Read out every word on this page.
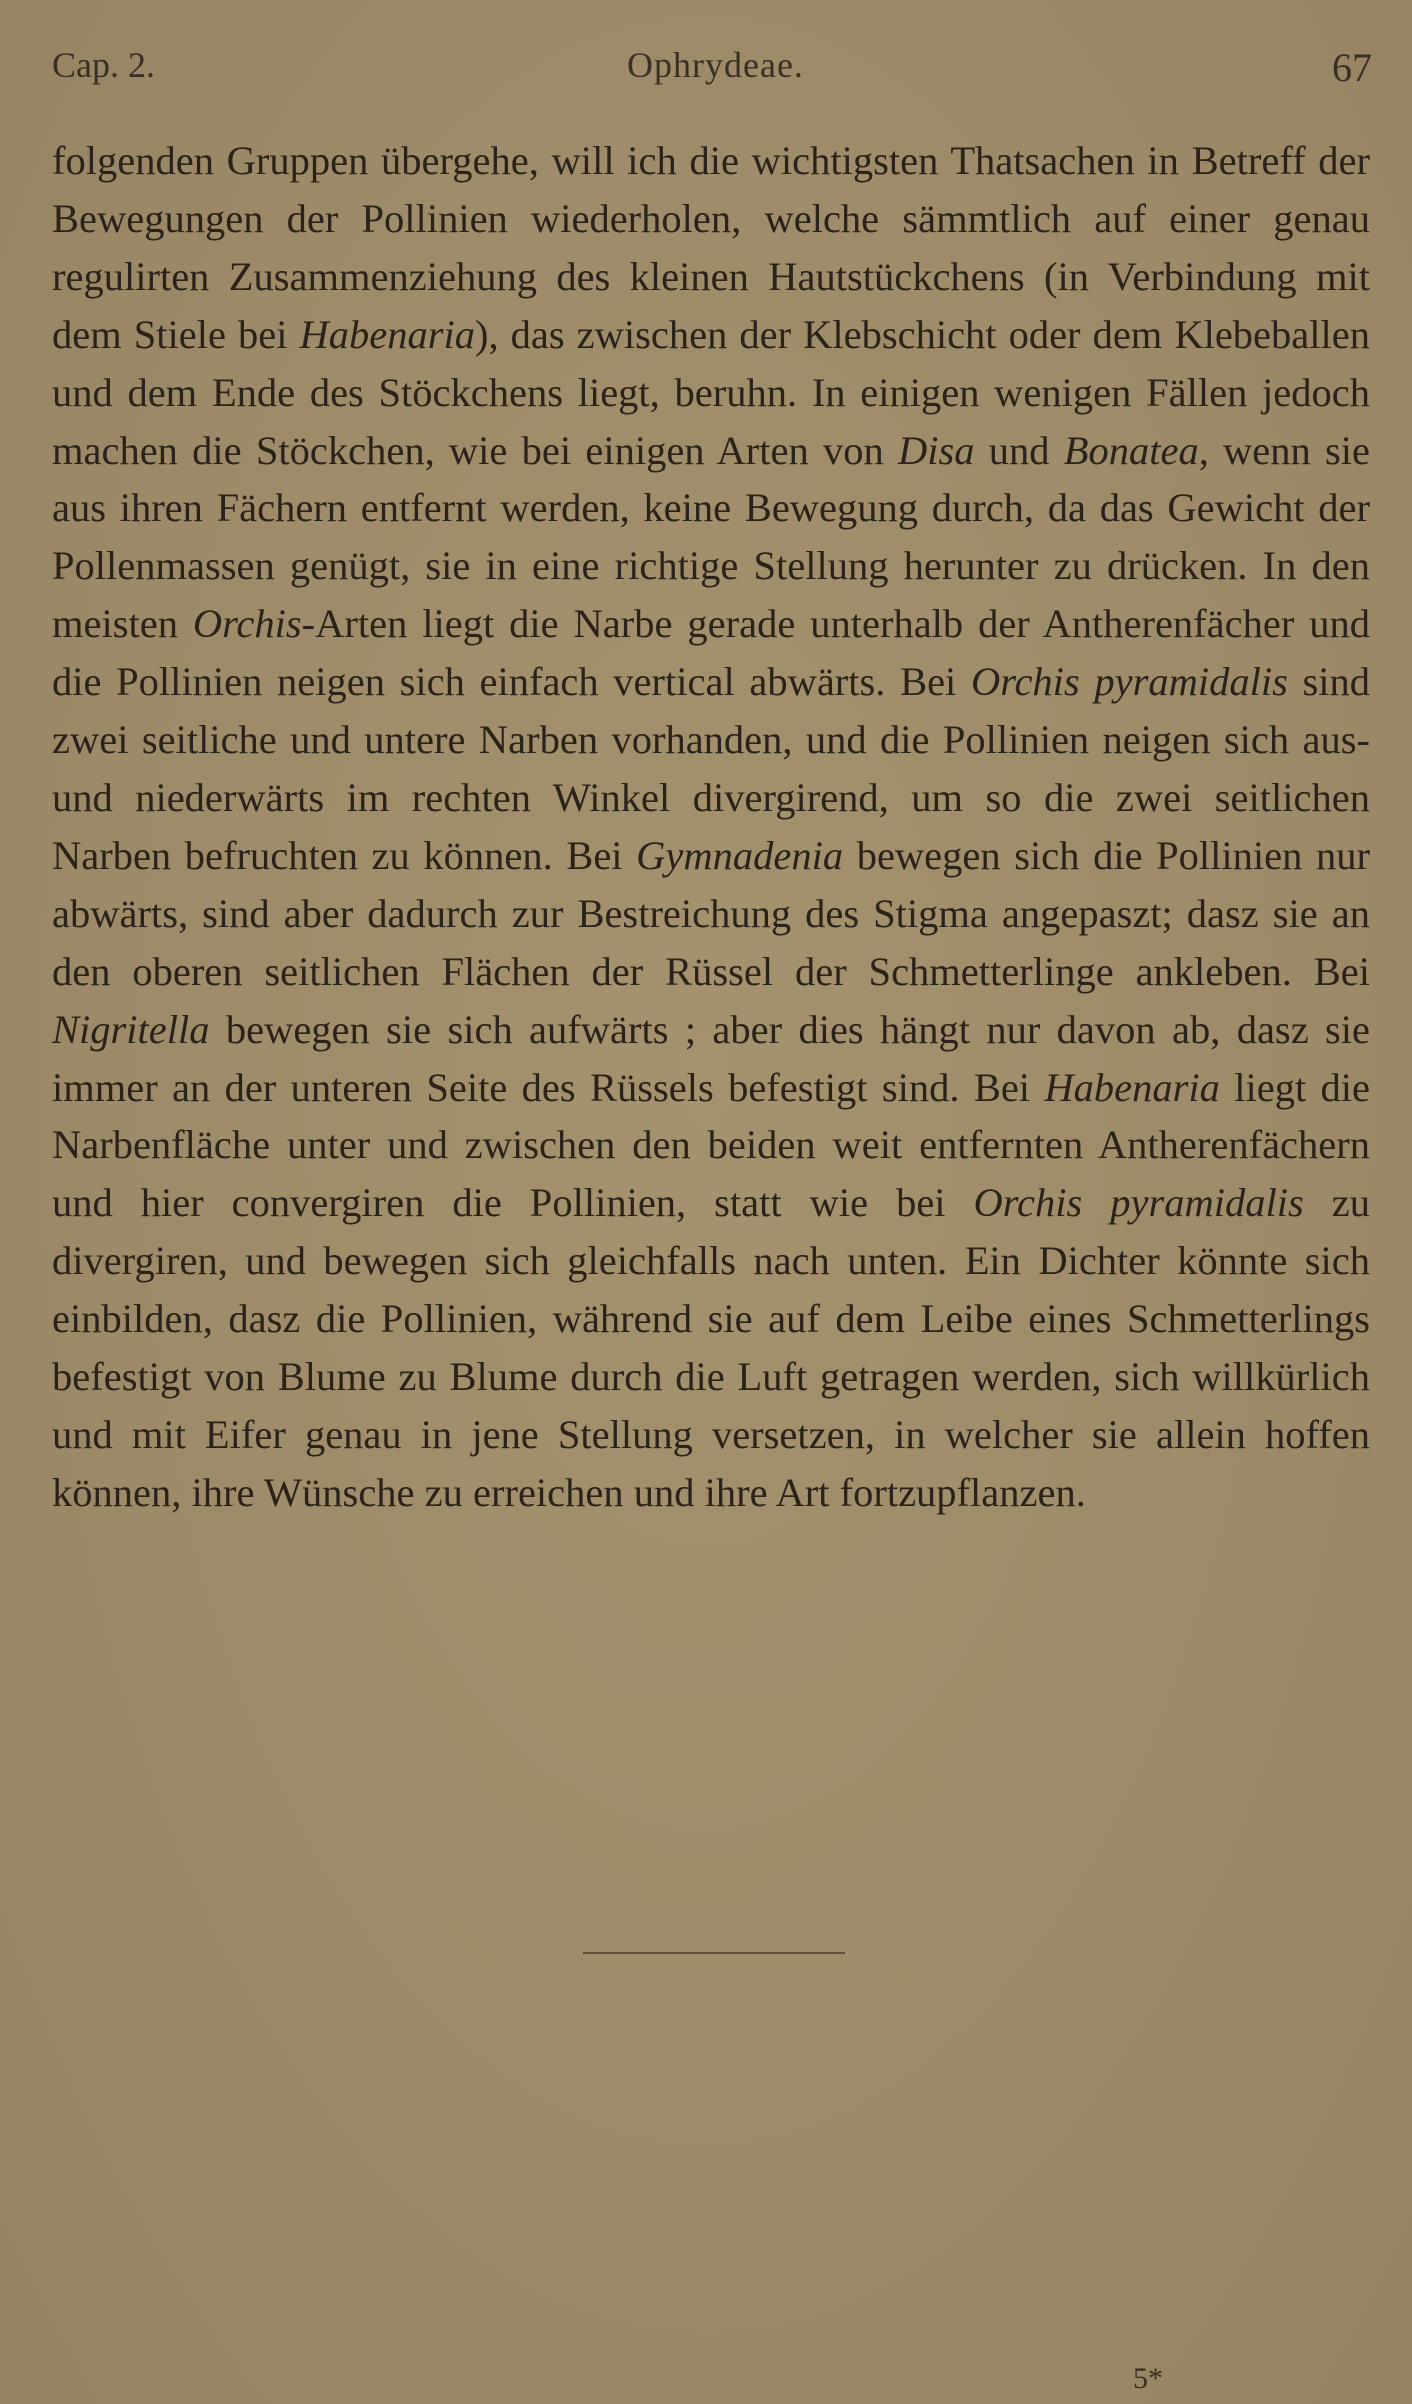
Cap. 2.	Ophrydeae.	67

folgenden Gruppen übergehe, will ich die wichtigsten Thatsachen in Betreff der Bewegungen der Pollinien wiederholen, welche sämmtlich auf einer genau regulirten Zusammenziehung des kleinen Hautstückchens (in Verbindung mit dem Stiele bei Habenaria), das zwischen der Klebschicht oder dem Klebeballen und dem Ende des Stöckchens liegt, beruhn. In einigen wenigen Fällen jedoch machen die Stöckchen, wie bei einigen Arten von Disa und Bonatea, wenn sie aus ihren Fächern entfernt werden, keine Bewegung durch, da das Gewicht der Pollenmassen genügt, sie in eine richtige Stellung herunter zu drücken. In den meisten Orchis-Arten liegt die Narbe gerade unterhalb der Antherenfächer und die Pollinien neigen sich einfach vertical abwärts. Bei Orchis pyramidalis sind zwei seitliche und untere Narben vorhanden, und die Pollinien neigen sich aus- und niederwärts im rechten Winkel divergirend, um so die zwei seitlichen Narben befruchten zu können. Bei Gymnadenia bewegen sich die Pollinien nur abwärts, sind aber dadurch zur Bestreichung des Stigma angepaszt; dasz sie an den oberen seitlichen Flächen der Rüssel der Schmetterlinge ankleben. Bei Nigritella bewegen sie sich aufwärts ; aber dies hängt nur davon ab, dasz sie immer an der unteren Seite des Rüssels befestigt sind. Bei Habenaria liegt die Narbenfläche unter und zwischen den beiden weit entfernten Antherenfächern und hier convergiren die Pollinien, statt wie bei Orchis pyramidalis zu divergiren, und bewegen sich gleichfalls nach unten. Ein Dichter könnte sich einbilden, dasz die Pollinien, während sie auf dem Leibe eines Schmetterlings befestigt von Blume zu Blume durch die Luft getragen werden, sich willkürlich und mit Eifer genau in jene Stellung versetzen, in welcher sie allein hoffen können, ihre Wünsche zu erreichen und ihre Art fortzupflanzen.

5*
